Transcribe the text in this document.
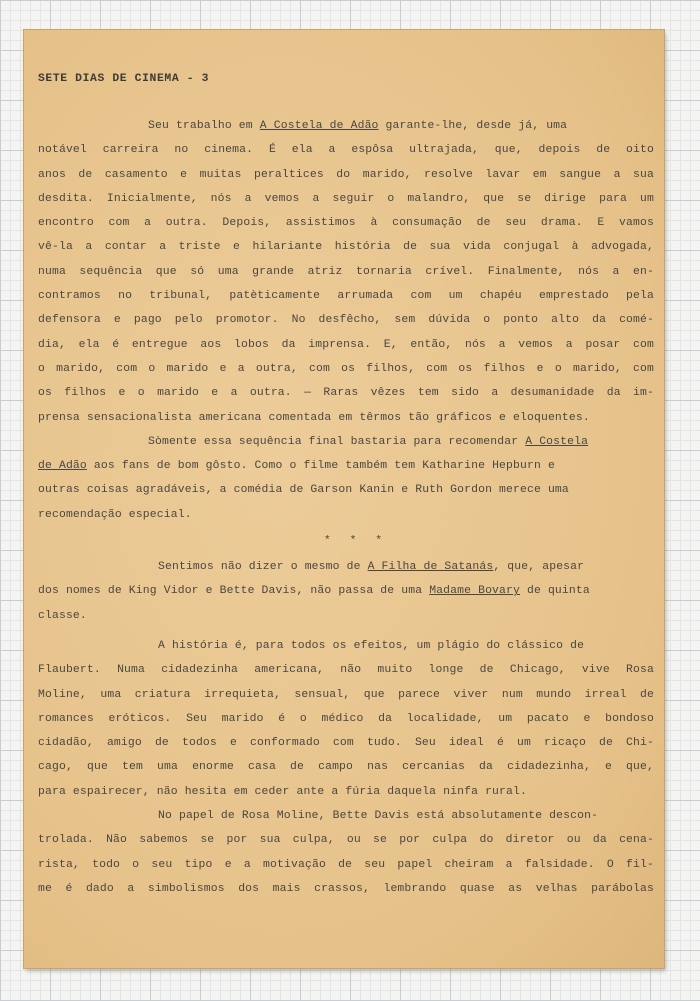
SETE DIAS DE CINEMA - 3
Seu trabalho em A Costela de Adão garante-lhe, desde já, uma
notável carreira no cinema. É ela a espôsa ultrajada, que, depois de oito
anos de casamento e muitas peraltices do marido, resolve lavar em sangue a sua
desdita. Inicialmente, nós a vemos a seguir o malandro, que se dirige para um
encontro com a outra. Depois, assistimos à consumação de seu drama. E vamos
vê-la a contar a triste e hilariante história de sua vida conjugal à advogada,
numa sequência que só uma grande atriz tornaria crível. Finalmente, nós a en-
contramos no tribunal, patèticamente arrumada com um chapéu emprestado pela
defensora e pago pelo promotor. No desfêcho, sem dúvida o ponto alto da comé-
dia, ela é entregue aos lobos da imprensa. E, então, nós a vemos a posar com
o marido, com o marido e a outra, com os filhos, com os filhos e o marido, com
os filhos e o marido e a outra. — Raras vêzes tem sido a desumanidade da im-
prensa sensacionalista americana comentada em têrmos tão gráficos e eloquentes.
Sòmente essa sequência final bastaria para recomendar A Costela
de Adão aos fans de bom gôsto. Como o filme também tem Katharine Hepburn e
outras coisas agradáveis, a comédia de Garson Kanin e Ruth Gordon merece uma
recomendação especial.
* * *
Sentimos não dizer o mesmo de A Filha de Satanás, que, apesar
dos nomes de King Vidor e Bette Davis, não passa de uma Madame Bovary de quinta
classe.
A história é, para todos os efeitos, um plágio do clássico de
Flaubert. Numa cidadezinha americana, não muito longe de Chicago, vive Rosa
Moline, uma criatura irrequieta, sensual, que parece viver num mundo irreal de
romances eróticos. Seu marido é o médico da localidade, um pacato e bondoso
cidadão, amigo de todos e conformado com tudo. Seu ideal é um ricaço de Chi-
cago, que tem uma enorme casa de campo nas cercanias da cidadezinha, e que,
para espairecer, não hesita em ceder ante a fúria daquela ninfa rural.
No papel de Rosa Moline, Bette Davis está absolutamente descon-
trolada. Não sabemos se por sua culpa, ou se por culpa do diretor ou da cena-
rista, todo o seu tipo e a motivação de seu papel cheiram a falsidade. O fil-
me é dado a simbolismos dos mais crassos, lembrando quase as velhas parábolas
